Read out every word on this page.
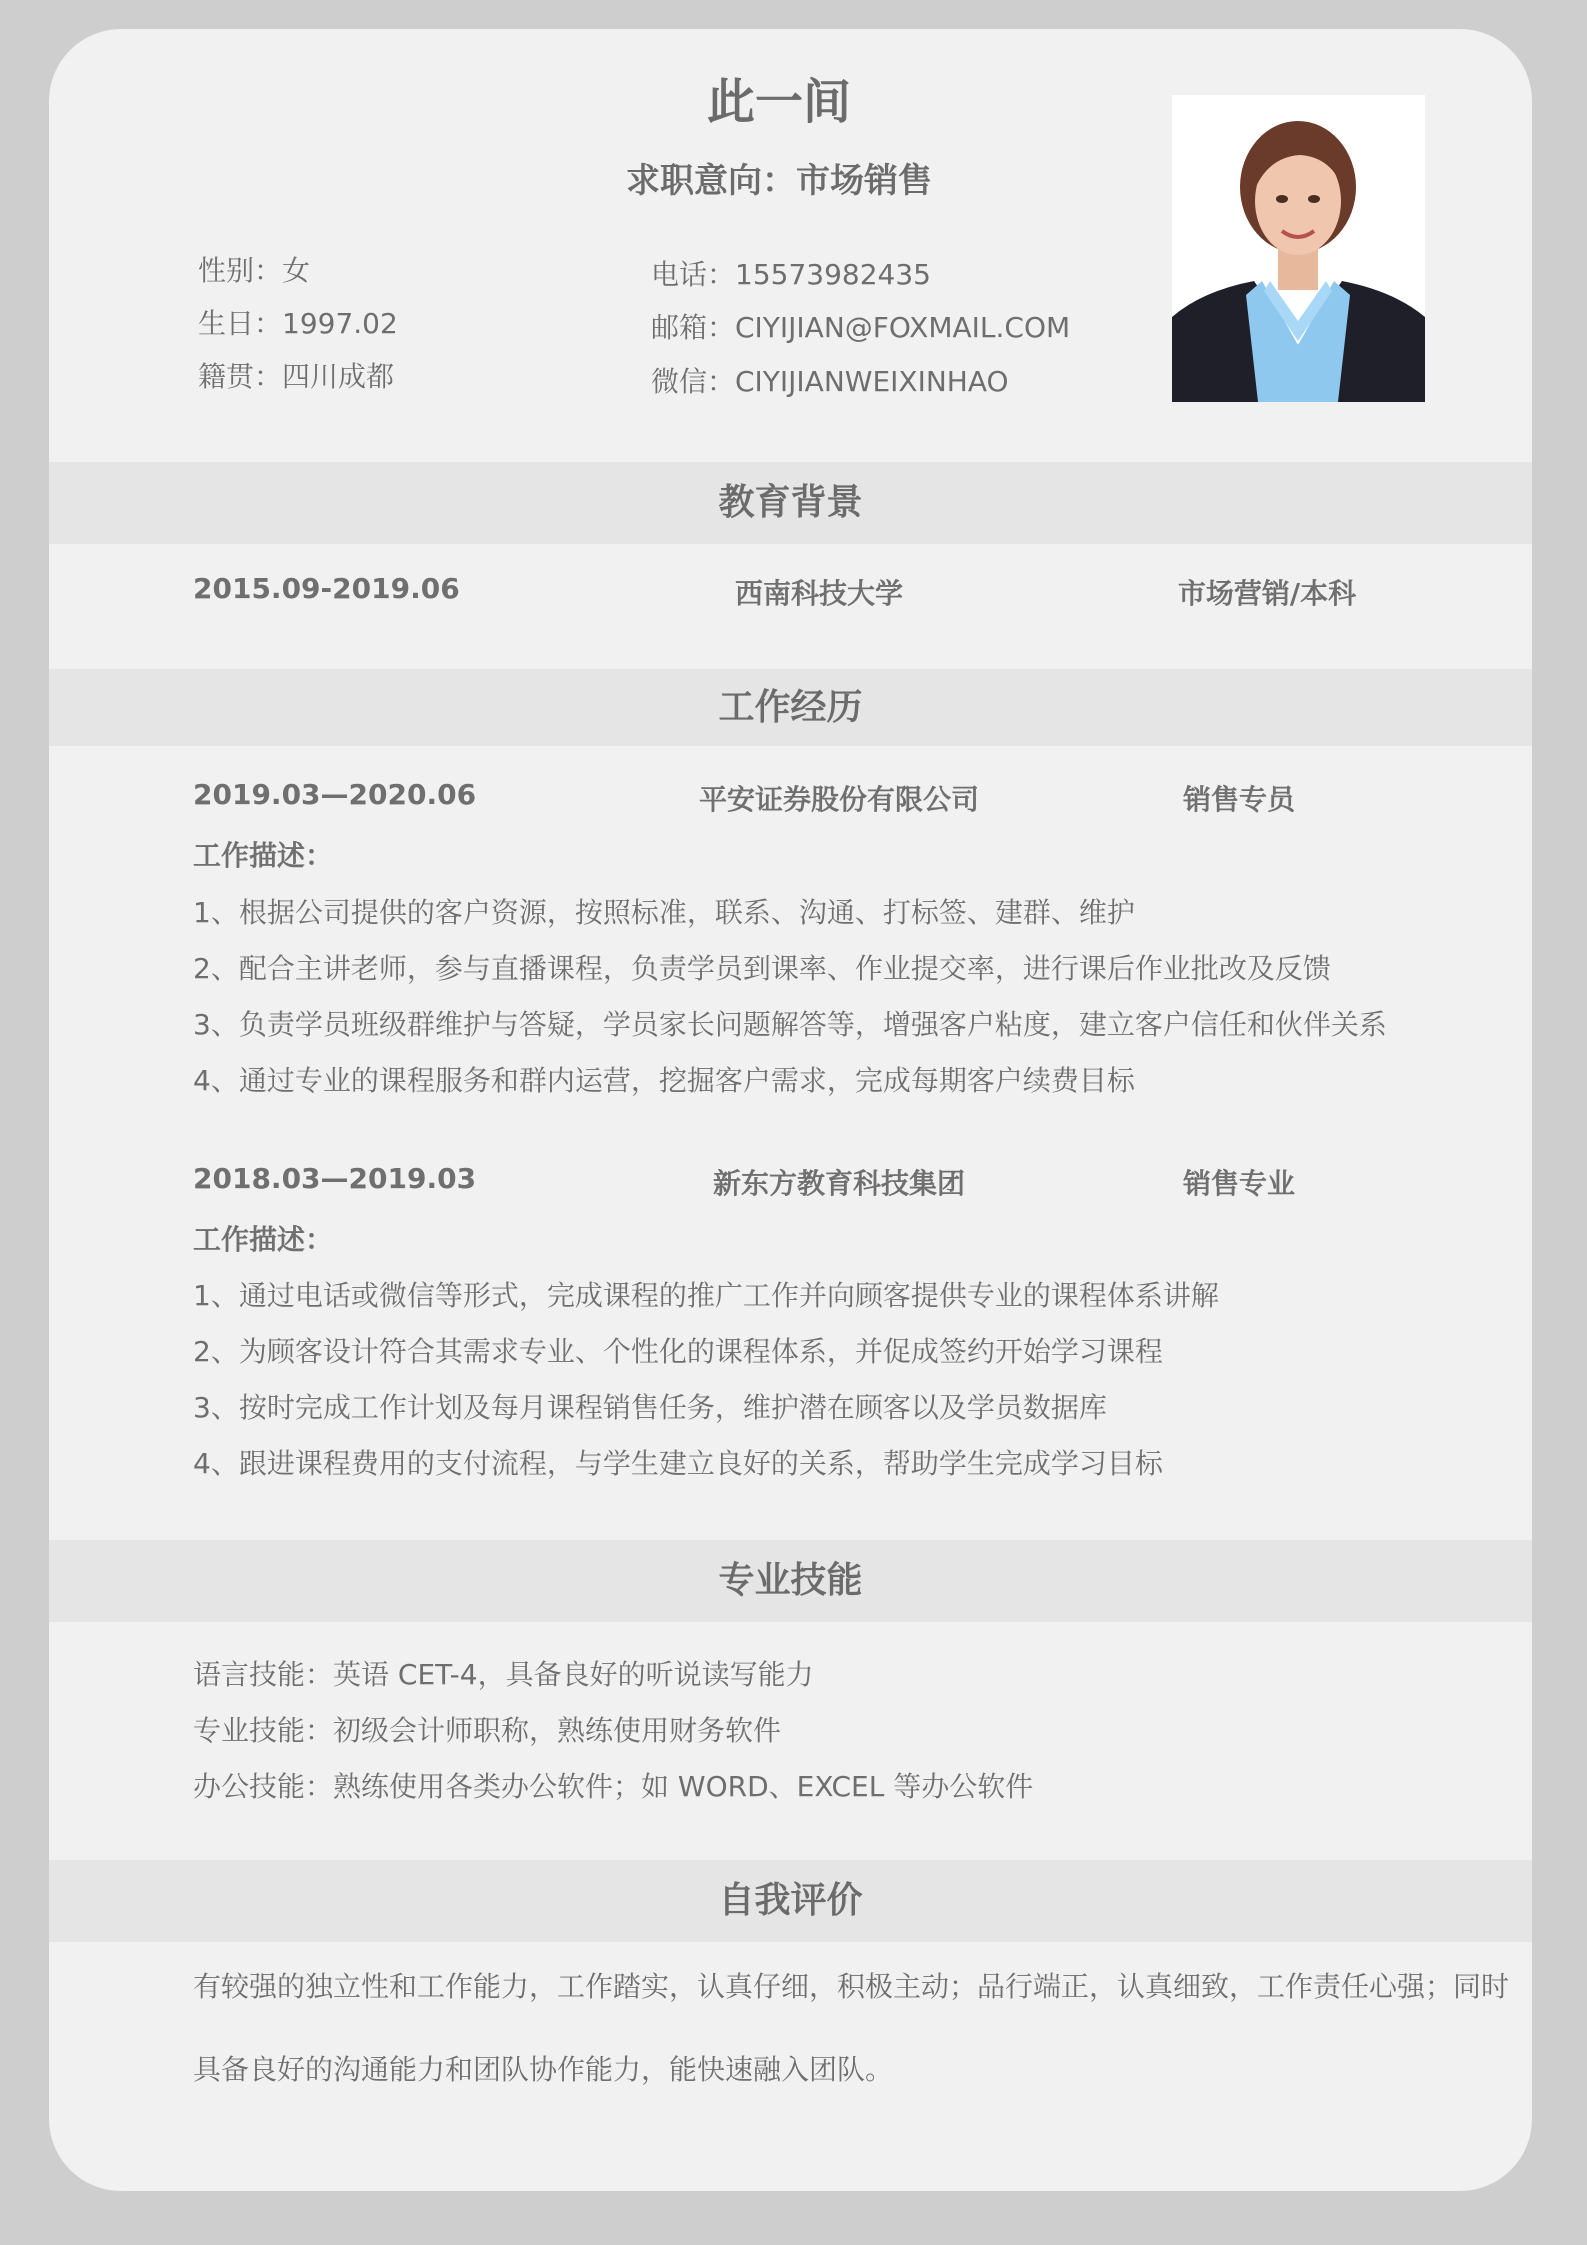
此一间
求职意向：市场销售
性别：女
生日：1997.02
籍贯：四川成都
电话：15573982435
邮箱：CIYIJIAN@FOXMAIL.COM
微信：CIYIJIANWEIXINHAO
教育背景
2015.09-2019.06	西南科技大学	市场营销/本科
工作经历
2019.03—2020.06	平安证券股份有限公司	销售专员
工作描述：
1、根据公司提供的客户资源，按照标准，联系、沟通、打标签、建群、维护
2、配合主讲老师，参与直播课程，负责学员到课率、作业提交率，进行课后作业批改及反馈
3、负责学员班级群维护与答疑，学员家长问题解答等，增强客户粘度，建立客户信任和伙伴关系
4、通过专业的课程服务和群内运营，挖掘客户需求，完成每期客户续费目标
2018.03—2019.03	新东方教育科技集团	销售专业
工作描述：
1、通过电话或微信等形式，完成课程的推广工作并向顾客提供专业的课程体系讲解
2、为顾客设计符合其需求专业、个性化的课程体系，并促成签约开始学习课程
3、按时完成工作计划及每月课程销售任务，维护潜在顾客以及学员数据库
4、跟进课程费用的支付流程，与学生建立良好的关系，帮助学生完成学习目标
专业技能
语言技能：英语 CET-4，具备良好的听说读写能力
专业技能：初级会计师职称，熟练使用财务软件
办公技能：熟练使用各类办公软件；如 WORD、EXCEL 等办公软件
自我评价
有较强的独立性和工作能力，工作踏实，认真仔细，积极主动；品行端正，认真细致，工作责任心强；同时
具备良好的沟通能力和团队协作能力，能快速融入团队。
